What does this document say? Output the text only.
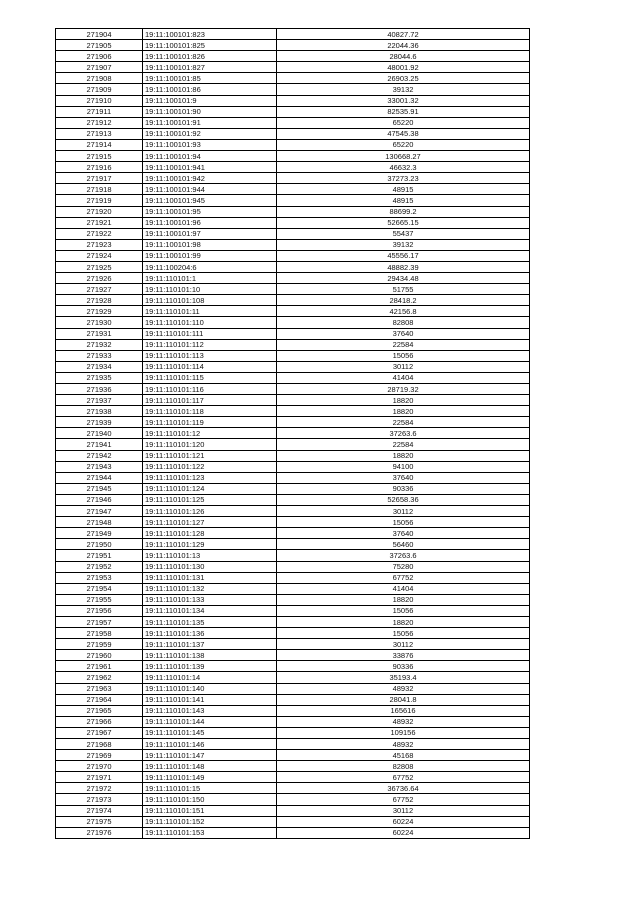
271904	19:11:100101:823	40827.72
271905	19:11:100101:825	22044.36
271906	19:11:100101:826	28044.6
271907	19:11:100101:827	48001.92
271908	19:11:100101:85	26903.25
271909	19:11:100101:86	39132
271910	19:11:100101:9	33001.32
271911	19:11:100101:90	82535.91
271912	19:11:100101:91	65220
271913	19:11:100101:92	47545.38
271914	19:11:100101:93	65220
271915	19:11:100101:94	130668.27
271916	19:11:100101:941	46632.3
271917	19:11:100101:942	37273.23
271918	19:11:100101:944	48915
271919	19:11:100101:945	48915
271920	19:11:100101:95	88699.2
271921	19:11:100101:96	52665.15
271922	19:11:100101:97	55437
271923	19:11:100101:98	39132
271924	19:11:100101:99	45556.17
271925	19:11:100204:6	48882.39
271926	19:11:110101:1	29434.48
271927	19:11:110101:10	51755
271928	19:11:110101:108	28418.2
271929	19:11:110101:11	42156.8
271930	19:11:110101:110	82808
271931	19:11:110101:111	37640
271932	19:11:110101:112	22584
271933	19:11:110101:113	15056
271934	19:11:110101:114	30112
271935	19:11:110101:115	41404
271936	19:11:110101:116	28719.32
271937	19:11:110101:117	18820
271938	19:11:110101:118	18820
271939	19:11:110101:119	22584
271940	19:11:110101:12	37263.6
271941	19:11:110101:120	22584
271942	19:11:110101:121	18820
271943	19:11:110101:122	94100
271944	19:11:110101:123	37640
271945	19:11:110101:124	90336
271946	19:11:110101:125	52658.36
271947	19:11:110101:126	30112
271948	19:11:110101:127	15056
271949	19:11:110101:128	37640
271950	19:11:110101:129	56460
271951	19:11:110101:13	37263.6
271952	19:11:110101:130	75280
271953	19:11:110101:131	67752
271954	19:11:110101:132	41404
271955	19:11:110101:133	18820
271956	19:11:110101:134	15056
271957	19:11:110101:135	18820
271958	19:11:110101:136	15056
271959	19:11:110101:137	30112
271960	19:11:110101:138	33876
271961	19:11:110101:139	90336
271962	19:11:110101:14	35193.4
271963	19:11:110101:140	48932
271964	19:11:110101:141	28041.8
271965	19:11:110101:143	165616
271966	19:11:110101:144	48932
271967	19:11:110101:145	109156
271968	19:11:110101:146	48932
271969	19:11:110101:147	45168
271970	19:11:110101:148	82808
271971	19:11:110101:149	67752
271972	19:11:110101:15	36736.64
271973	19:11:110101:150	67752
271974	19:11:110101:151	30112
271975	19:11:110101:152	60224
271976	19:11:110101:153	60224
